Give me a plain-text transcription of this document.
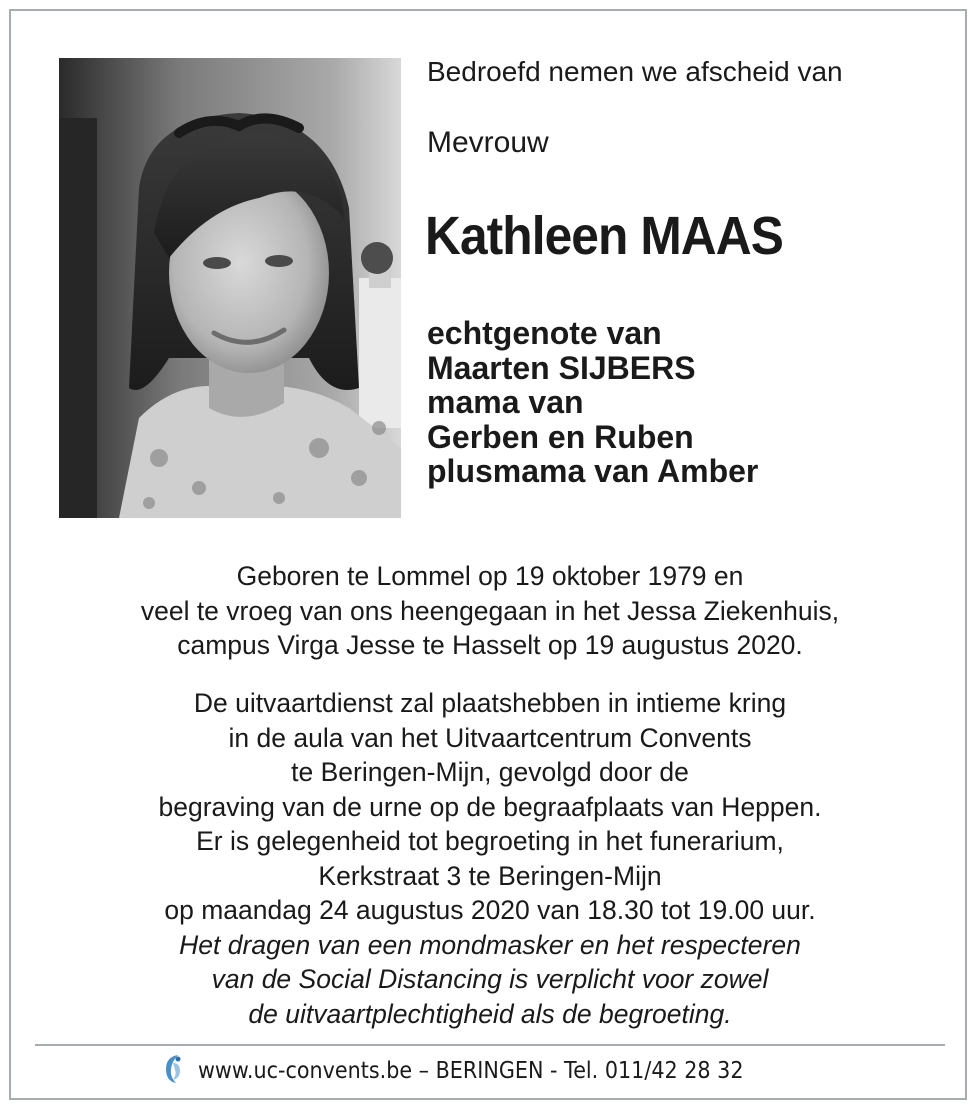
Bedroefd nemen we afscheid van
Mevrouw
Kathleen MAAS
echtgenote van
Maarten SIJBERS
mama van
Gerben en Ruben
plusmama van Amber
Geboren te Lommel op 19 oktober 1979 en
veel te vroeg van ons heengegaan in het Jessa Ziekenhuis,
campus Virga Jesse te Hasselt op 19 augustus 2020.
De uitvaartdienst zal plaatshebben in intieme kring
in de aula van het Uitvaartcentrum Convents
te Beringen-Mijn, gevolgd door de
begraving van de urne op de begraafplaats van Heppen.
Er is gelegenheid tot begroeting in het funerarium,
Kerkstraat 3 te Beringen-Mijn
op maandag 24 augustus 2020 van 18.30 tot 19.00 uur.
Het dragen van een mondmasker en het respecteren
van de Social Distancing is verplicht voor zowel
de uitvaartplechtigheid als de begroeting.
www.uc-convents.be – BERINGEN - Tel. 011/42 28 32
